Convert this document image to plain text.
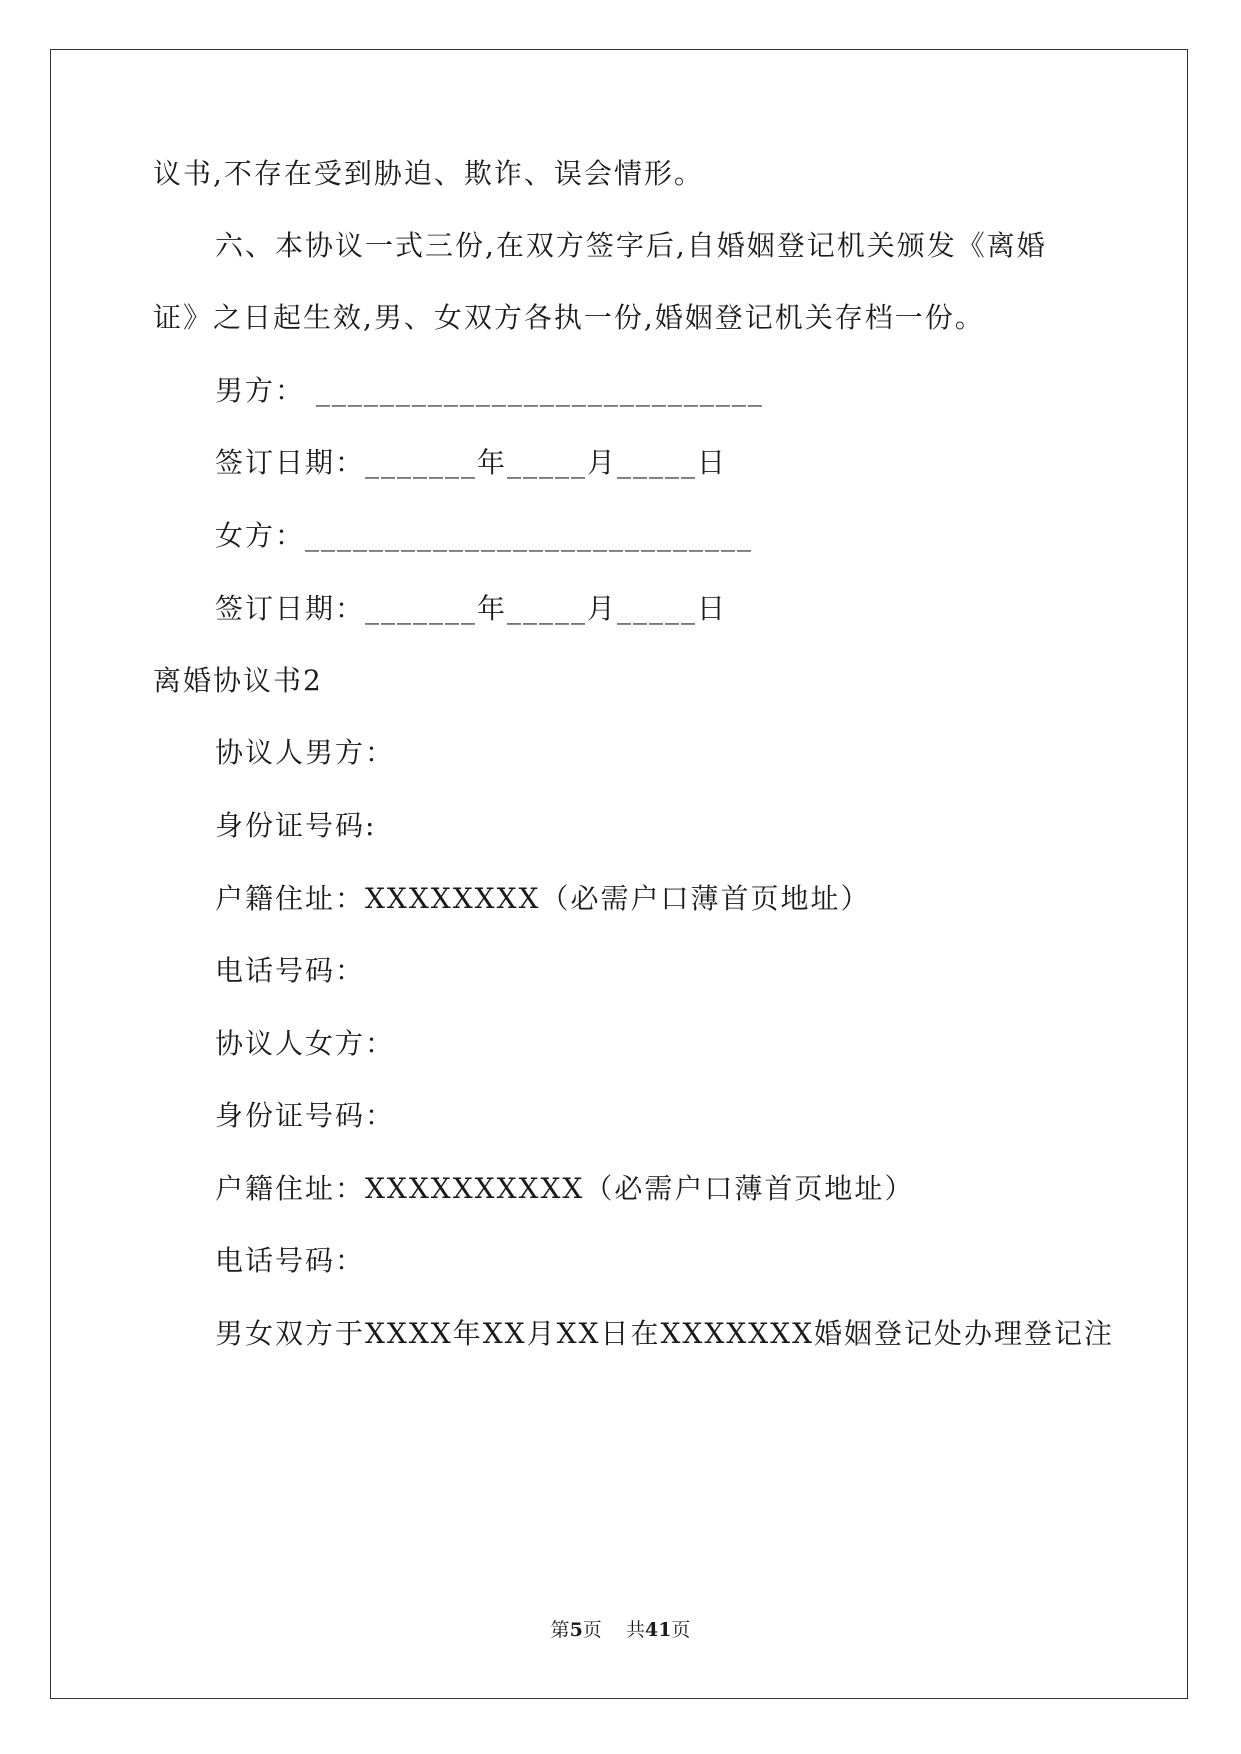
议书,不存在受到胁迫、欺诈、误会情形。
六、本协议一式三份,在双方签字后,自婚姻登记机关颁发《离婚
证》之日起生效,男、女双方各执一份,婚姻登记机关存档一份。
男方： ____________________________
签订日期：_______年_____月_____日
女方：____________________________
签订日期：_______年_____月_____日
离婚协议书2
协议人男方：
身份证号码:
户籍住址：XXXXXXXX（必需户口薄首页地址）
电话号码：
协议人女方：
身份证号码：
户籍住址：XXXXXXXXXX（必需户口薄首页地址）
电话号码：
男女双方于XXXX年XX月XX日在XXXXXXX婚姻登记处办理登记注
第5页    共41页
